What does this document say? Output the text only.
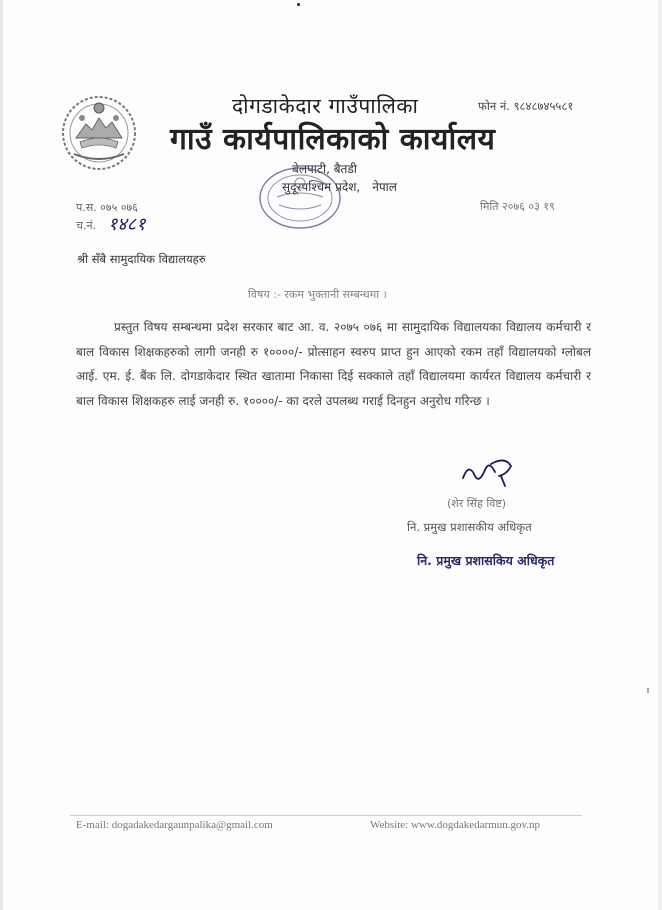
दोगडाकेदार गाउँपालिका	फोन नं. ९८४८७४५५८१
गाउँ कार्यपालिकाको कार्यालय
बेलपाटी, बैतडी
सुदूरपश्चिम प्रदेश, नेपाल
प.स. ०७५ ०७६
च.नं. १४८१
मिति २०७६ ०३ १९
श्री सँबै सामुदायिक विद्यालयहरु
विषय :- रकम भुक्तानी सम्बन्धमा ।
प्रस्तुत विषय सम्बन्धमा प्रदेश सरकार बाट आ. व. २०७५ ०७६ मा सामुदायिक विद्यालयका विद्यालय कर्मचारी र बाल विकास शिक्षकहरुको लागी जनही रु १००००/- प्रोत्साहन स्वरुप प्राप्त हुन आएको रकम तहाँ विद्यालयको ग्लोबल आई. एम. ई. बैंक लि. दोगडाकेदार स्थित खातामा निकासा दिई सक्काले तहाँ विद्यालयमा कार्यरत विद्यालय कर्मचारी र बाल विकास शिक्षकहरु लाई जनही रु. १००००/- का दरले उपलब्ध गराई दिनहुन अनुरोध गरिन्छ ।
(शेर सिंह विष्ट)
नि. प्रमुख प्रशासकीय अधिकृत
नि. प्रमुख प्रशासकिय अधिकृत
E-mail: dogadakedargaunpalika@gmail.com	Website: www.dogdakedarmun.gov.np
